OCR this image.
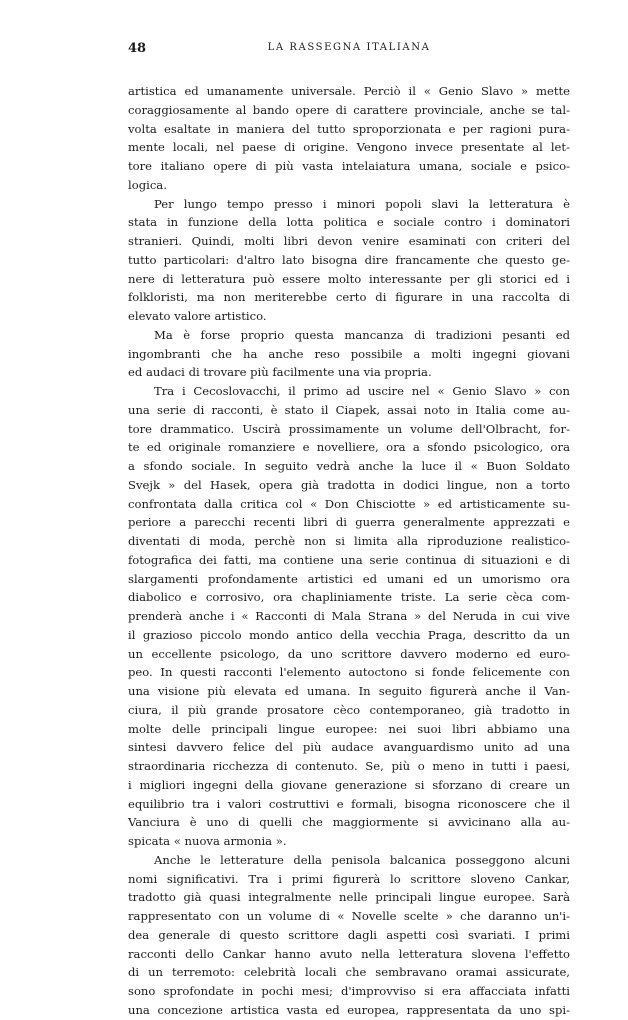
48	LA RASSEGNA ITALIANA

artistica ed umanamente universale. Perciò il « Genio Slavo » mette

coraggiosamente al bando opere di carattere provinciale, anche se tal-

volta esaltate in maniera del tutto sproporzionata e per ragioni pura-

mente locali, nel paese di origine. Vengono invece presentate al let-

tore italiano opere di più vasta intelaiatura umana, sociale e psico-

logica.

Per lungo tempo presso i minori popoli slavi la letteratura è

stata in funzione della lotta politica e sociale contro i dominatori

stranieri. Quindi, molti libri devon venire esaminati con criteri del

tutto particolari: d'altro lato bisogna dire francamente che questo ge-

nere di letteratura può essere molto interessante per gli storici ed i

folkloristi, ma non meriterebbe certo di figurare in una raccolta di

elevato valore artistico.

Ma è forse proprio questa mancanza di tradizioni pesanti ed

ingombranti che ha anche reso possibile a molti ingegni giovani

ed audaci di trovare più facilmente una via propria.

Tra i Cecoslovacchi, il primo ad uscire nel « Genio Slavo » con

una serie di racconti, è stato il Ciapek, assai noto in Italia come au-

tore drammatico. Uscirà prossimamente un volume dell'Olbracht, for-

te ed originale romanziere e novelliere, ora a sfondo psicologico, ora

a sfondo sociale. In seguito vedrà anche la luce il « Buon Soldato

Svejk » del Hasek, opera già tradotta in dodici lingue, non a torto

confrontata dalla critica col « Don Chisciotte » ed artisticamente su-

periore a parecchi recenti libri di guerra generalmente apprezzati e

diventati di moda, perchè non si limita alla riproduzione realistico-

fotografica dei fatti, ma contiene una serie continua di situazioni e di

slargamenti profondamente artistici ed umani ed un umorismo ora

diabolico e corrosivo, ora chapliniamente triste. La serie cèca com-

prenderà anche i « Racconti di Mala Strana » del Neruda in cui vive

il grazioso piccolo mondo antico della vecchia Praga, descritto da un

un eccellente psicologo, da uno scrittore davvero moderno ed euro-

peo. In questi racconti l'elemento autoctono si fonde felicemente con

una visione più elevata ed umana. In seguito figurerà anche il Van-

ciura, il più grande prosatore cèco contemporaneo, già tradotto in

molte delle principali lingue europee: nei suoi libri abbiamo una

sintesi davvero felice del più audace avanguardismo unito ad una

straordinaria ricchezza di contenuto. Se, più o meno in tutti i paesi,

i migliori ingegni della giovane generazione si sforzano di creare un

equilibrio tra i valori costruttivi e formali, bisogna riconoscere che il

Vanciura è uno di quelli che maggiormente si avvicinano alla au-

spicata « nuova armonia ».

Anche le letterature della penisola balcanica posseggono alcuni

nomi significativi. Tra i primi figurerà lo scrittore sloveno Cankar,

tradotto già quasi integralmente nelle principali lingue europee. Sarà

rappresentato con un volume di « Novelle scelte » che daranno un'i-

dea generale di questo scrittore dagli aspetti così svariati. I primi

racconti dello Cankar hanno avuto nella letteratura slovena l'effetto

di un terremoto: celebrità locali che sembravano oramai assicurate,

sono sprofondate in pochi mesi; d'improvviso si era affacciata infatti

una concezione artistica vasta ed europea, rappresentata da uno spi-
